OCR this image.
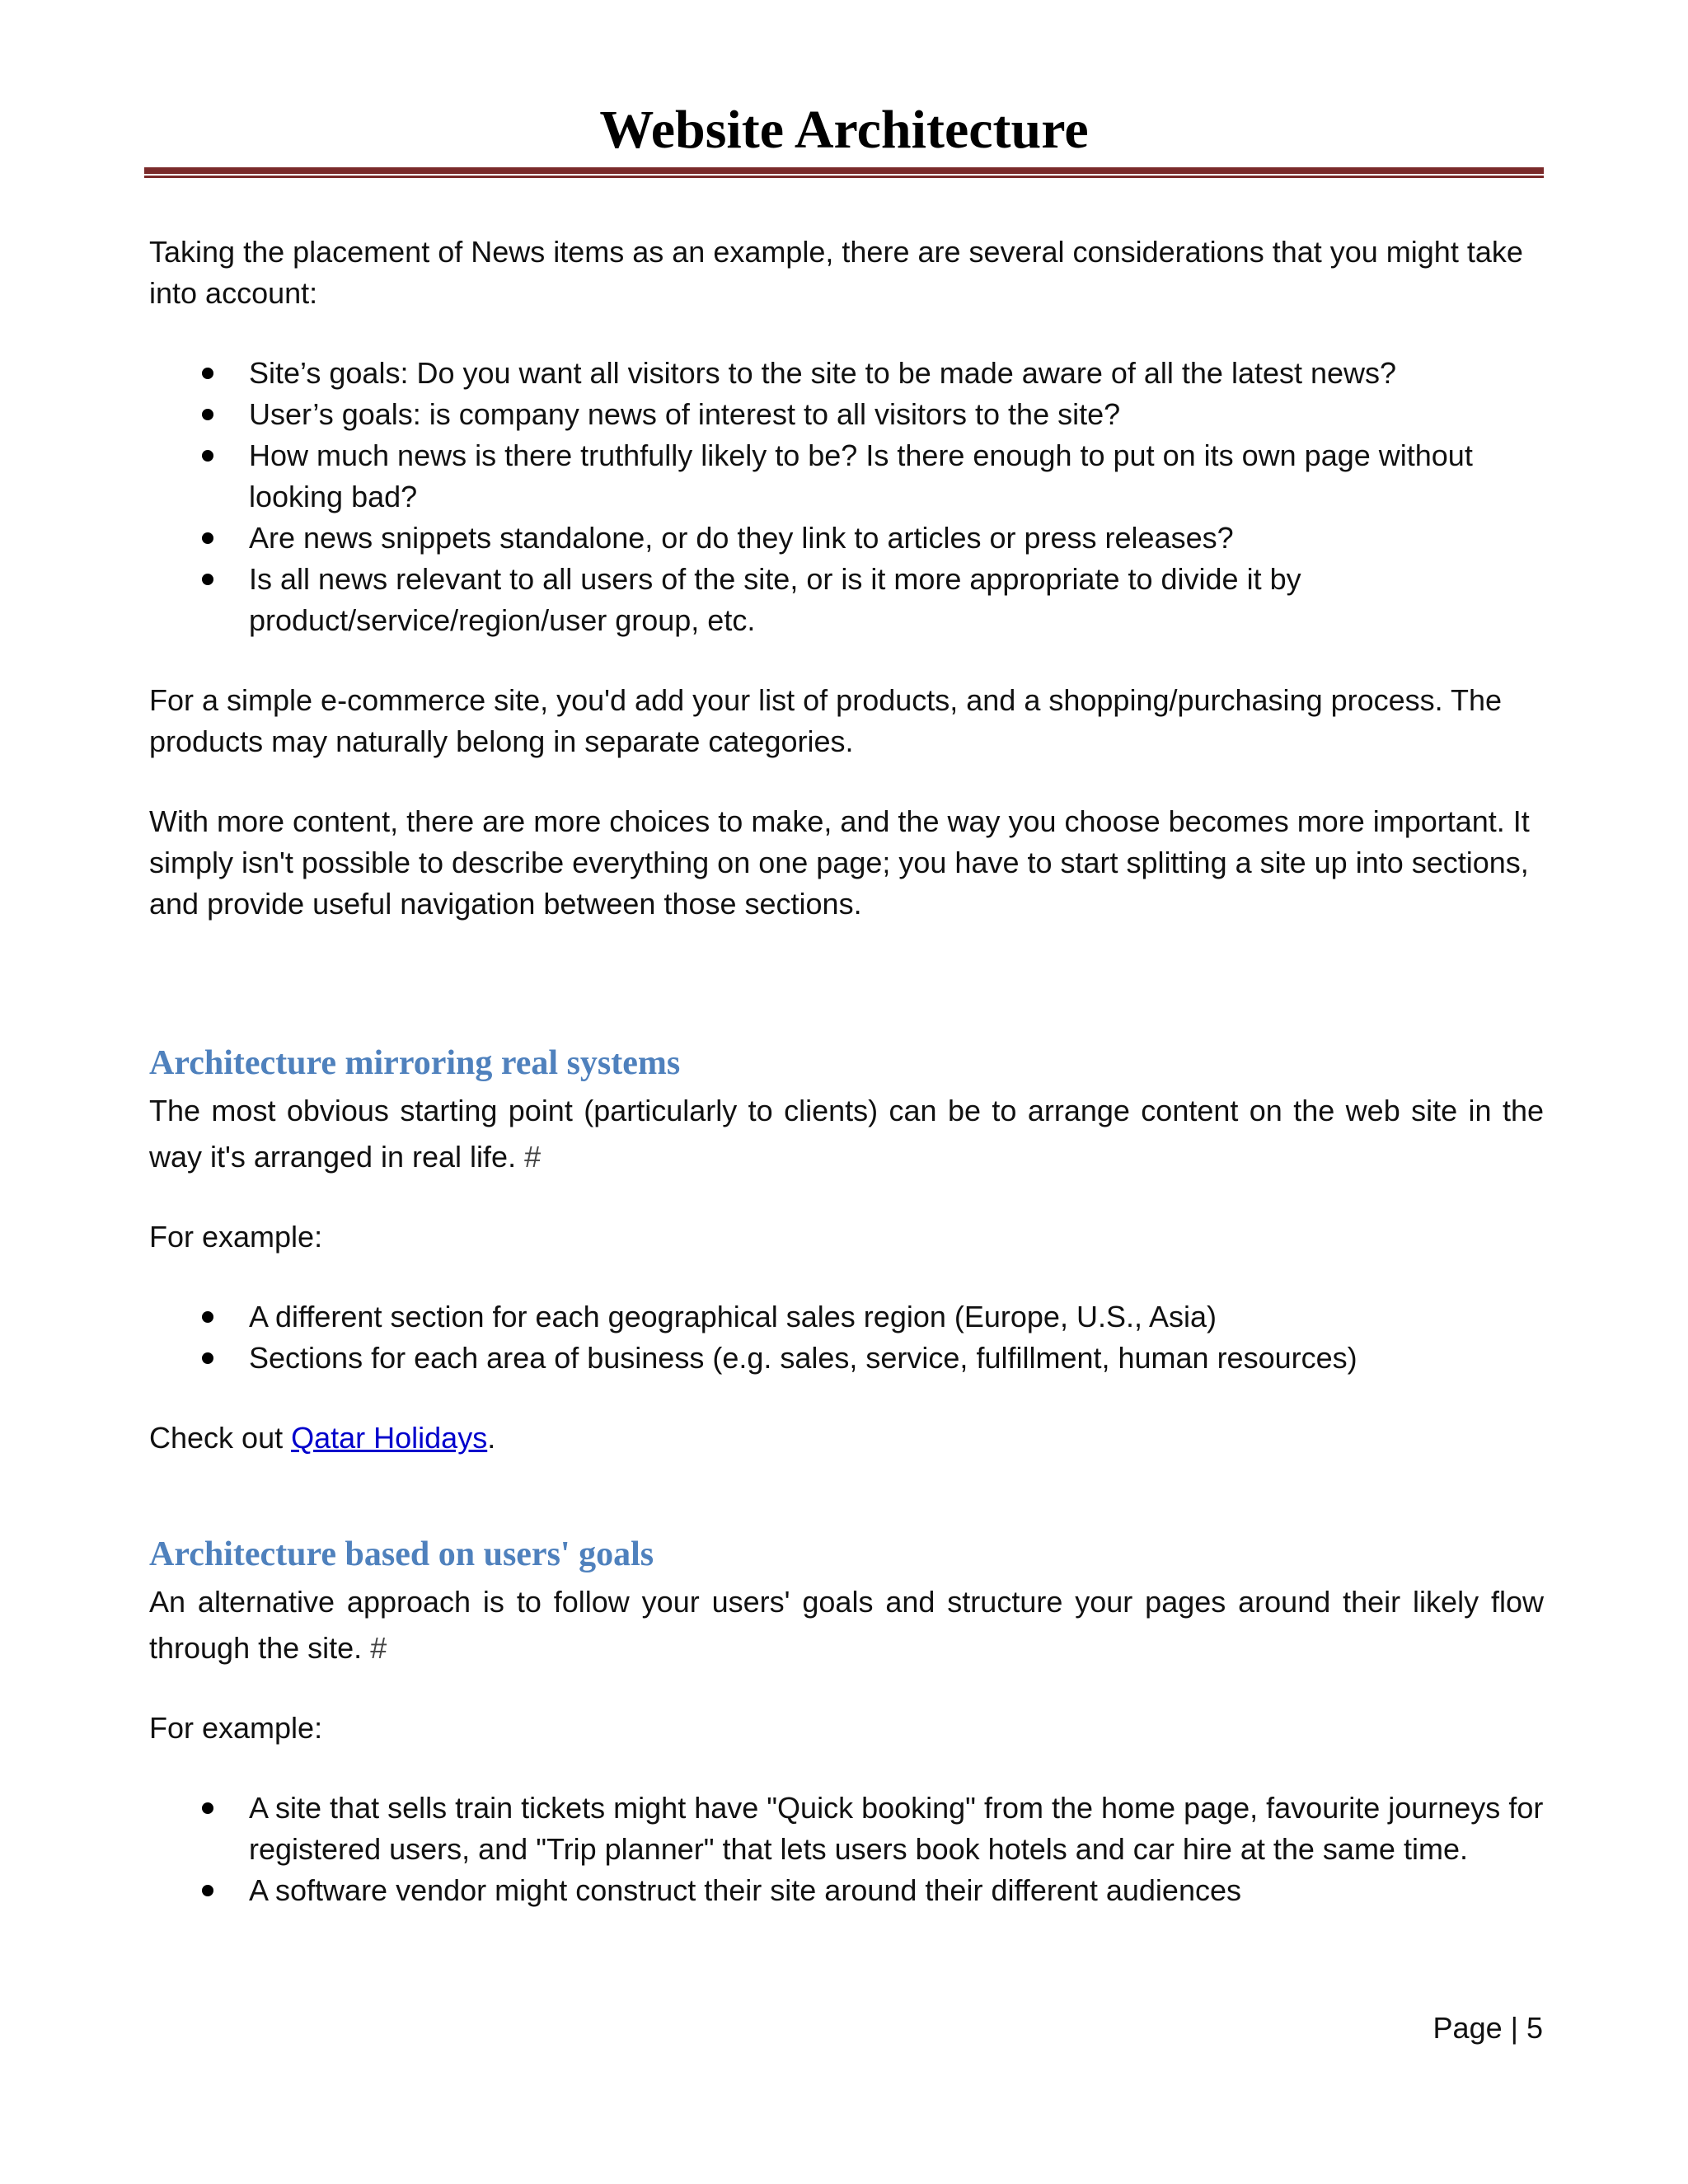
Website Architecture

Taking the placement of News items as an example, there are several considerations that you might take into account:

Site’s goals: Do you want all visitors to the site to be made aware of all the latest news?
User’s goals: is company news of interest to all visitors to the site?
How much news is there truthfully likely to be? Is there enough to put on its own page without looking bad?
Are news snippets standalone, or do they link to articles or press releases?
Is all news relevant to all users of the site, or is it more appropriate to divide it by product/service/region/user group, etc.

For a simple e-commerce site, you'd add your list of products, and a shopping/purchasing process. The products may naturally belong in separate categories.

With more content, there are more choices to make, and the way you choose becomes more important. It simply isn't possible to describe everything on one page; you have to start splitting a site up into sections, and provide useful navigation between those sections.

Architecture mirroring real systems

The most obvious starting point (particularly to clients) can be to arrange content on the web site in the way it's arranged in real life. #

For example:

A different section for each geographical sales region (Europe, U.S., Asia)
Sections for each area of business (e.g. sales, service, fulfillment, human resources)

Check out Qatar Holidays.

Architecture based on users' goals

An alternative approach is to follow your users' goals and structure your pages around their likely flow through the site. #

For example:

A site that sells train tickets might have "Quick booking" from the home page, favourite journeys for registered users, and "Trip planner" that lets users book hotels and car hire at the same time.
A software vendor might construct their site around their different audiences
Page | 5
